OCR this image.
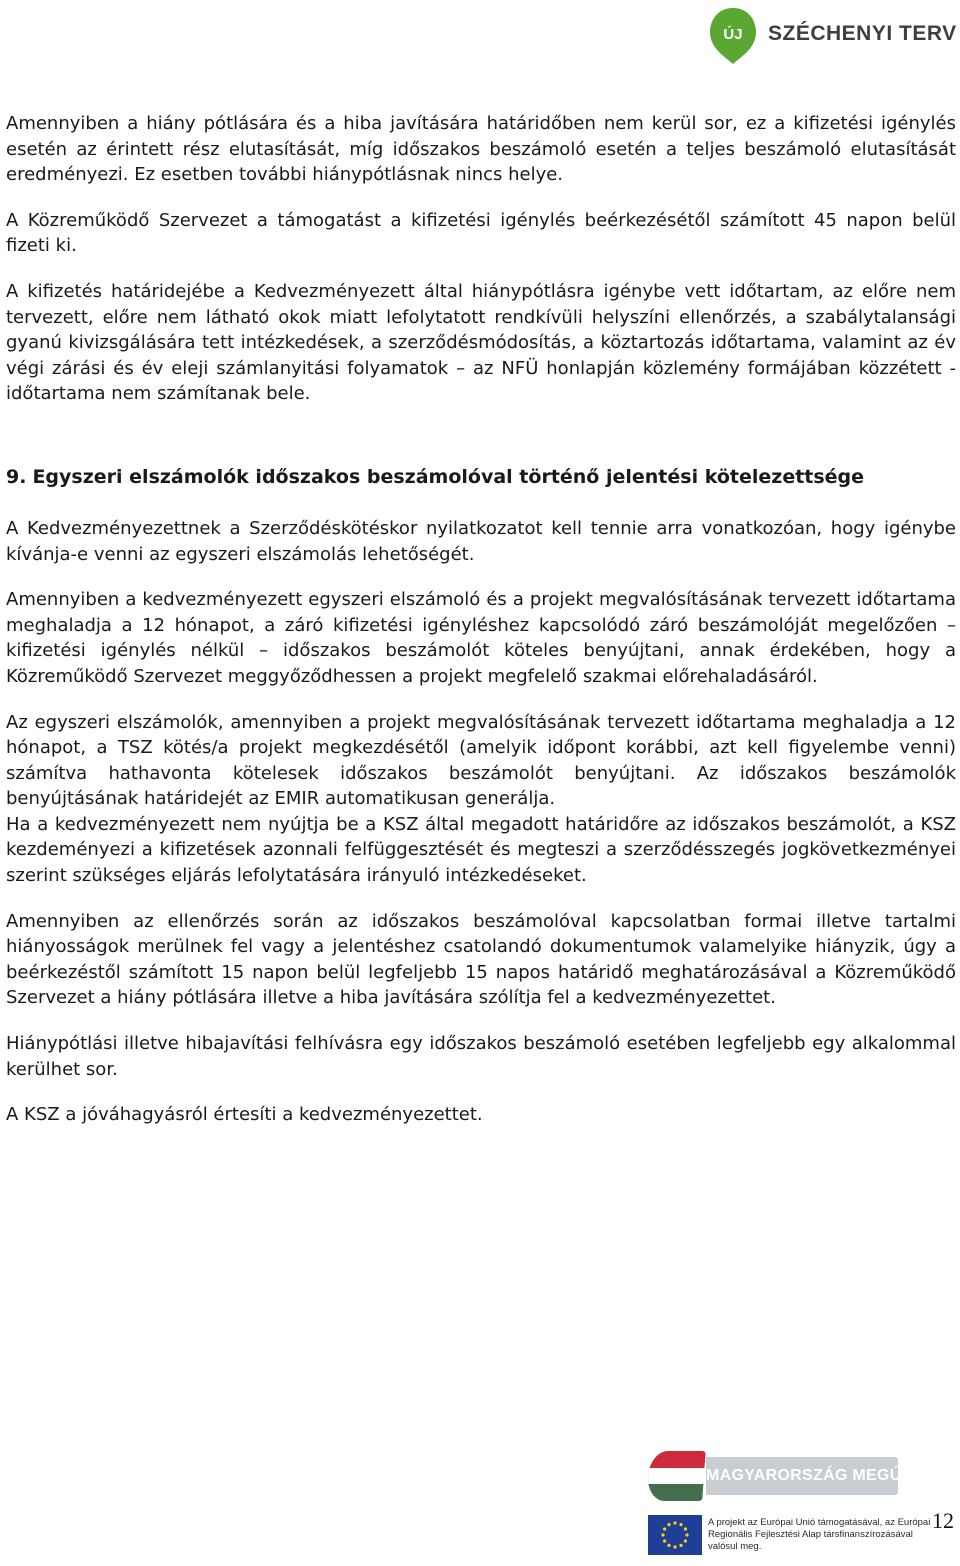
ÚJ SZÉCHENYI TERV

Amennyiben a hiány pótlására és a hiba javítására határidőben nem kerül sor, ez a kifizetési igénylés esetén az érintett rész elutasítását, míg időszakos beszámoló esetén a teljes beszámoló elutasítását eredményezi. Ez esetben további hiánypótlásnak nincs helye.

A Közreműködő Szervezet a támogatást a kifizetési igénylés beérkezésétől számított 45 napon belül fizeti ki.

A kifizetés határidejébe a Kedvezményezett által hiánypótlásra igénybe vett időtartam, az előre nem tervezett, előre nem látható okok miatt lefolytatott rendkívüli helyszíni ellenőrzés, a szabálytalansági gyanú kivizsgálására tett intézkedések, a szerződésmódosítás, a köztartozás időtartama, valamint az év végi zárási és év eleji számlanyitási folyamatok – az NFÜ honlapján közlemény formájában közzétett - időtartama nem számítanak bele.

9. Egyszeri elszámolók időszakos beszámolóval történő jelentési kötelezettsége

A Kedvezményezettnek a Szerződéskötéskor nyilatkozatot kell tennie arra vonatkozóan, hogy igénybe kívánja-e venni az egyszeri elszámolás lehetőségét.

Amennyiben a kedvezményezett egyszeri elszámoló és a projekt megvalósításának tervezett időtartama meghaladja a 12 hónapot, a záró kifizetési igényléshez kapcsolódó záró beszámolóját megelőzően – kifizetési igénylés nélkül – időszakos beszámolót köteles benyújtani, annak érdekében, hogy a Közreműködő Szervezet meggyőződhessen a projekt megfelelő szakmai előrehaladásáról.

Az egyszeri elszámolók, amennyiben a projekt megvalósításának tervezett időtartama meghaladja a 12 hónapot, a TSZ kötés/a projekt megkezdésétől (amelyik időpont korábbi, azt kell figyelembe venni) számítva hathavonta kötelesek időszakos beszámolót benyújtani. Az időszakos beszámolók benyújtásának határidejét az EMIR automatikusan generálja.

Ha a kedvezményezett nem nyújtja be a KSZ által megadott határidőre az időszakos beszámolót, a KSZ kezdeményezi a kifizetések azonnali felfüggesztését és megteszi a szerződésszegés jogkövetkezményei szerint szükséges eljárás lefolytatására irányuló intézkedéseket.

Amennyiben az ellenőrzés során az időszakos beszámolóval kapcsolatban formai illetve tartalmi hiányosságok merülnek fel vagy a jelentéshez csatolandó dokumentumok valamelyike hiányzik, úgy a beérkezéstől számított 15 napon belül legfeljebb 15 napos határidő meghatározásával a Közreműködő Szervezet a hiány pótlására illetve a hiba javítására szólítja fel a kedvezményezettet.

Hiánypótlási illetve hibajavítási felhívásra egy időszakos beszámoló esetében legfeljebb egy alkalommal kerülhet sor.

A KSZ a jóváhagyásról értesíti a kedvezményezettet.

MAGYARORSZÁG MEGÚJUL
A projekt az Európai Unió támogatásával, az Európai
Regionális Fejlesztési Alap társfinanszírozásával valósul meg.
12
